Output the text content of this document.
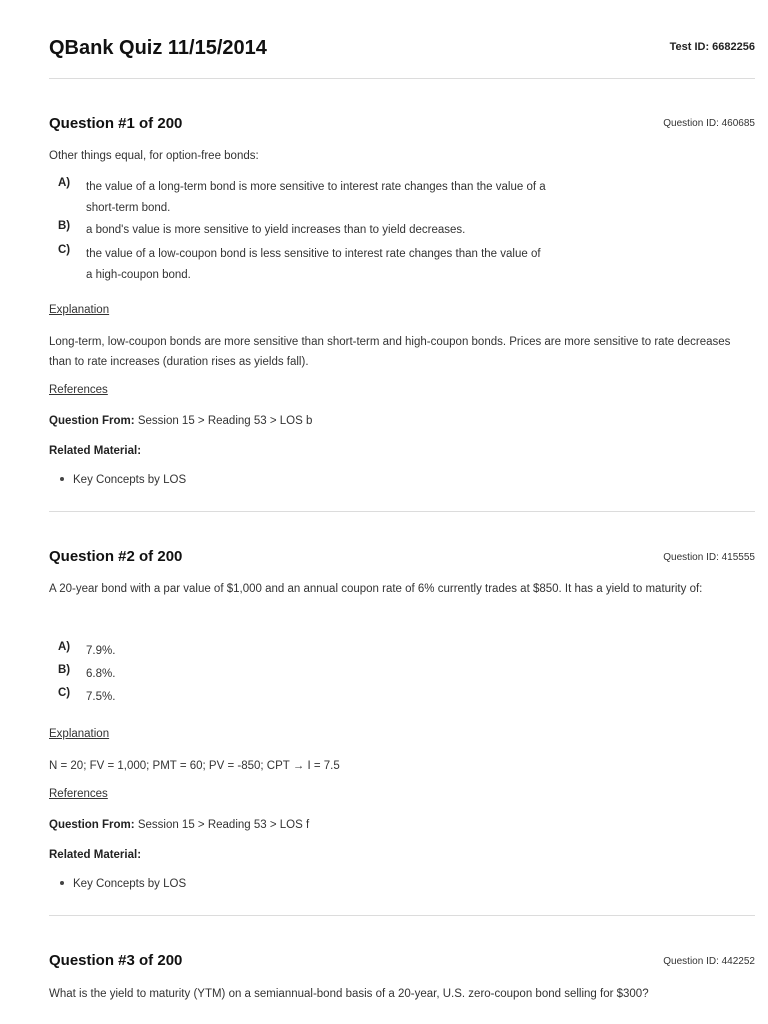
QBank Quiz 11/15/2014	Test ID: 6682256
Question #1 of 200	Question ID: 460685
Other things equal, for option-free bonds:
A) the value of a long-term bond is more sensitive to interest rate changes than the value of a short-term bond.
B) a bond's value is more sensitive to yield increases than to yield decreases.
C) the value of a low-coupon bond is less sensitive to interest rate changes than the value of a high-coupon bond.
Explanation
Long-term, low-coupon bonds are more sensitive than short-term and high-coupon bonds. Prices are more sensitive to rate decreases than to rate increases (duration rises as yields fall).
References
Question From: Session 15 > Reading 53 > LOS b
Related Material:
Key Concepts by LOS
Question #2 of 200	Question ID: 415555
A 20-year bond with a par value of $1,000 and an annual coupon rate of 6% currently trades at $850. It has a yield to maturity of:
A) 7.9%.
B) 6.8%.
C) 7.5%.
Explanation
N = 20; FV = 1,000; PMT = 60; PV = -850; CPT → I = 7.5
References
Question From: Session 15 > Reading 53 > LOS f
Related Material:
Key Concepts by LOS
Question #3 of 200	Question ID: 442252
What is the yield to maturity (YTM) on a semiannual-bond basis of a 20-year, U.S. zero-coupon bond selling for $300?
